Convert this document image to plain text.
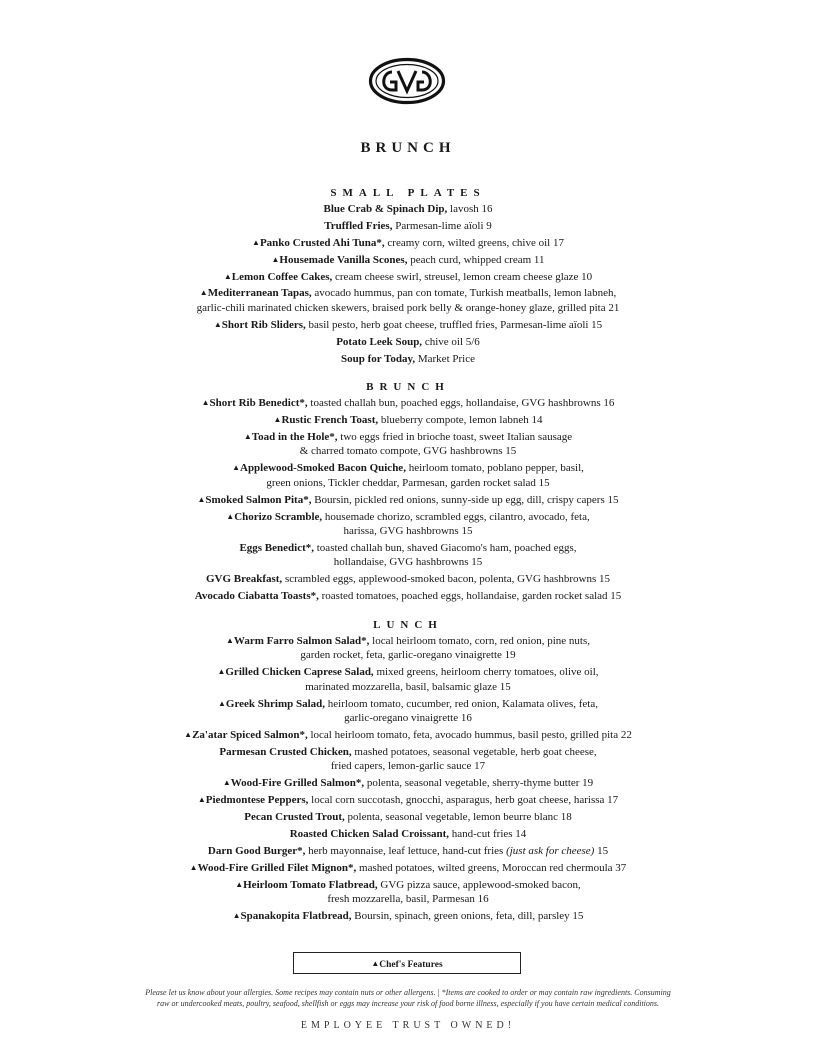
BRUNCH
SMALL PLATES
Blue Crab & Spinach Dip, lavosh 16
Truffled Fries, Parmesan-lime aïoli 9
▲Panko Crusted Ahi Tuna*, creamy corn, wilted greens, chive oil 17
▲Housemade Vanilla Scones, peach curd, whipped cream 11
▲Lemon Coffee Cakes, cream cheese swirl, streusel, lemon cream cheese glaze 10
▲Mediterranean Tapas, avocado hummus, pan con tomate, Turkish meatballs, lemon labneh,
garlic-chili marinated chicken skewers, braised pork belly & orange-honey glaze, grilled pita 21
▲Short Rib Sliders, basil pesto, herb goat cheese, truffled fries, Parmesan-lime aïoli 15
Potato Leek Soup, chive oil 5/6
Soup for Today, Market Price
BRUNCH
▲Short Rib Benedict*, toasted challah bun, poached eggs, hollandaise, GVG hashbrowns 16
▲Rustic French Toast, blueberry compote, lemon labneh 14
▲Toad in the Hole*, two eggs fried in brioche toast, sweet Italian sausage
& charred tomato compote, GVG hashbrowns 15
▲Applewood-Smoked Bacon Quiche, heirloom tomato, poblano pepper, basil,
green onions, Tickler cheddar, Parmesan, garden rocket salad 15
▲Smoked Salmon Pita*, Boursin, pickled red onions, sunny-side up egg, dill, crispy capers 15
▲Chorizo Scramble, housemade chorizo, scrambled eggs, cilantro, avocado, feta,
harissa, GVG hashbrowns 15
Eggs Benedict*, toasted challah bun, shaved Giacomo's ham, poached eggs,
hollandaise, GVG hashbrowns 15
GVG Breakfast, scrambled eggs, applewood-smoked bacon, polenta, GVG hashbrowns 15
Avocado Ciabatta Toasts*, roasted tomatoes, poached eggs, hollandaise, garden rocket salad 15
LUNCH
▲Warm Farro Salmon Salad*, local heirloom tomato, corn, red onion, pine nuts,
garden rocket, feta, garlic-oregano vinaigrette 19
▲Grilled Chicken Caprese Salad, mixed greens, heirloom cherry tomatoes, olive oil,
marinated mozzarella, basil, balsamic glaze 15
▲Greek Shrimp Salad, heirloom tomato, cucumber, red onion, Kalamata olives, feta,
garlic-oregano vinaigrette 16
▲Za'atar Spiced Salmon*, local heirloom tomato, feta, avocado hummus, basil pesto, grilled pita 22
Parmesan Crusted Chicken, mashed potatoes, seasonal vegetable, herb goat cheese,
fried capers, lemon-garlic sauce 17
▲Wood-Fire Grilled Salmon*, polenta, seasonal vegetable, sherry-thyme butter 19
▲Piedmontese Peppers, local corn succotash, gnocchi, asparagus, herb goat cheese, harissa 17
Pecan Crusted Trout, polenta, seasonal vegetable, lemon beurre blanc 18
Roasted Chicken Salad Croissant, hand-cut fries 14
Darn Good Burger*, herb mayonnaise, leaf lettuce, hand-cut fries (just ask for cheese) 15
▲Wood-Fire Grilled Filet Mignon*, mashed potatoes, wilted greens, Moroccan red chermoula 37
▲Heirloom Tomato Flatbread, GVG pizza sauce, applewood-smoked bacon,
fresh mozzarella, basil, Parmesan 16
▲Spanakopita Flatbread, Boursin, spinach, green onions, feta, dill, parsley 15
▲Chef's Features
Please let us know about your allergies. Some recipes may contain nuts or other allergens. | *Items are cooked to order or may contain raw ingredients. Consuming
raw or undercooked meats, poultry, seafood, shellfish or eggs may increase your risk of food borne illness, especially if you have certain medical conditions.
EMPLOYEE TRUST OWNED!
